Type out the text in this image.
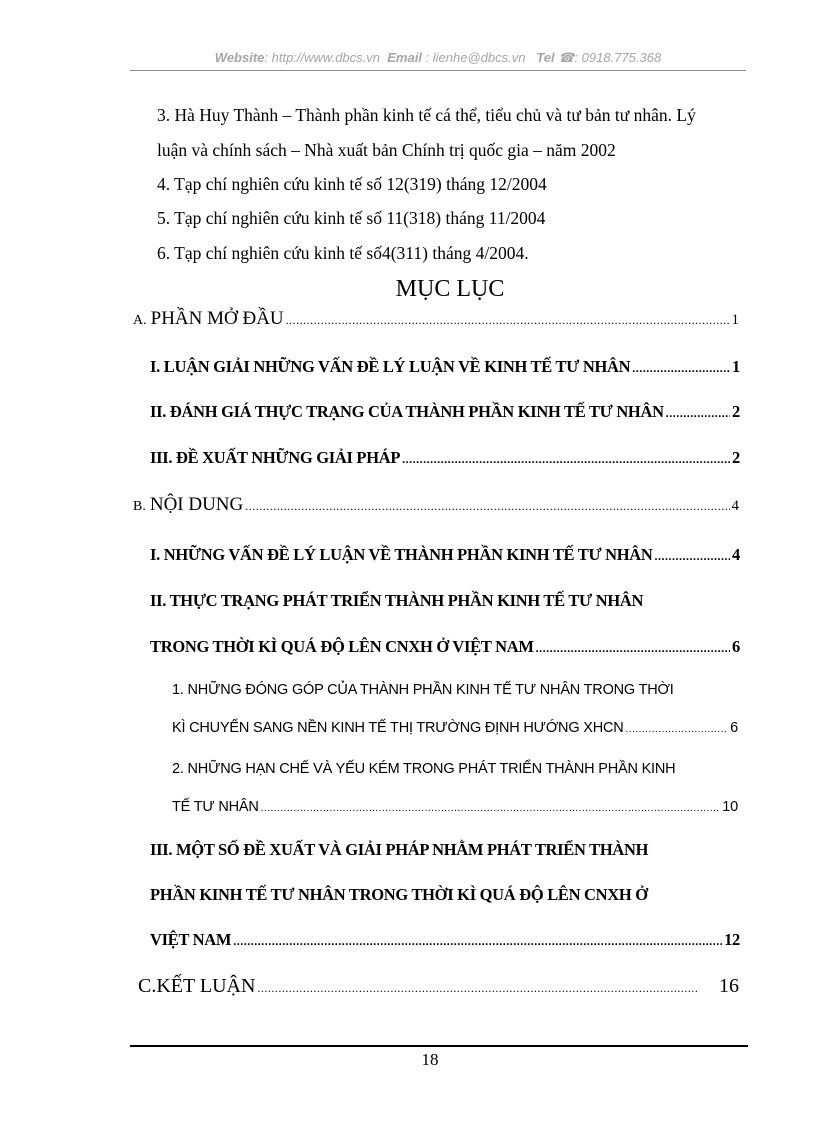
Website: http://www.dbcs.vn Email : lienhe@dbcs.vn Tel ☎: 0918.775.368
3. Hà Huy Thành – Thành phần kinh tế cá thể, tiểu chủ và tư bản tư nhân. Lý
luận và chính sách – Nhà xuất bản Chính trị quốc gia – năm 2002
4. Tạp chí nghiên cứu kinh tế số 12(319) tháng 12/2004
5. Tạp chí nghiên cứu kinh tế số 11(318) tháng 11/2004
6. Tạp chí nghiên cứu kinh tế số4(311) tháng 4/2004.
MỤC LỤC
A. PHẦN MỞ ĐẦU .....	1
I. LUẬN GIẢI NHỮNG VẤN ĐỀ LÝ LUẬN VỀ KINH TẾ TƯ NHÂN .....	1
II. ĐÁNH GIÁ THỰC TRẠNG CỦA THÀNH PHẦN KINH TẾ TƯ NHÂN .....	2
III. ĐỀ XUẤT NHỮNG GIẢI PHÁP .....	2
B. NỘI DUNG .....	4
I. NHỮNG VẤN ĐỀ LÝ LUẬN VỀ THÀNH PHẦN KINH TẾ TƯ NHÂN .....	4
II. THỰC TRẠNG PHÁT TRIỂN THÀNH PHẦN KINH TẾ TƯ NHÂN
TRONG THỜI KÌ QUÁ ĐỘ LÊN CNXH Ở VIỆT NAM .....	6
1. NHỮNG ĐÓNG GÓP CỦA THÀNH PHẦN KINH TẾ TƯ NHÂN TRONG THỜI
KÌ CHUYỂN SANG NỀN KINH TẾ THỊ TRƯỜNG ĐỊNH HƯỚNG XHCN .....	6
2. NHỮNG HẠN CHẾ VÀ YẾU KÉM TRONG PHÁT TRIỂN THÀNH PHẦN KINH
TẾ TƯ NHÂN .....	10
III. MỘT SỐ ĐỀ XUẤT VÀ GIẢI PHÁP NHẰM PHÁT TRIỂN THÀNH
PHẦN KINH TẾ TƯ NHÂN TRONG THỜI KÌ QUÁ ĐỘ LÊN CNXH Ở
VIỆT NAM .....	12
C.KẾT LUẬN .....	16
18
